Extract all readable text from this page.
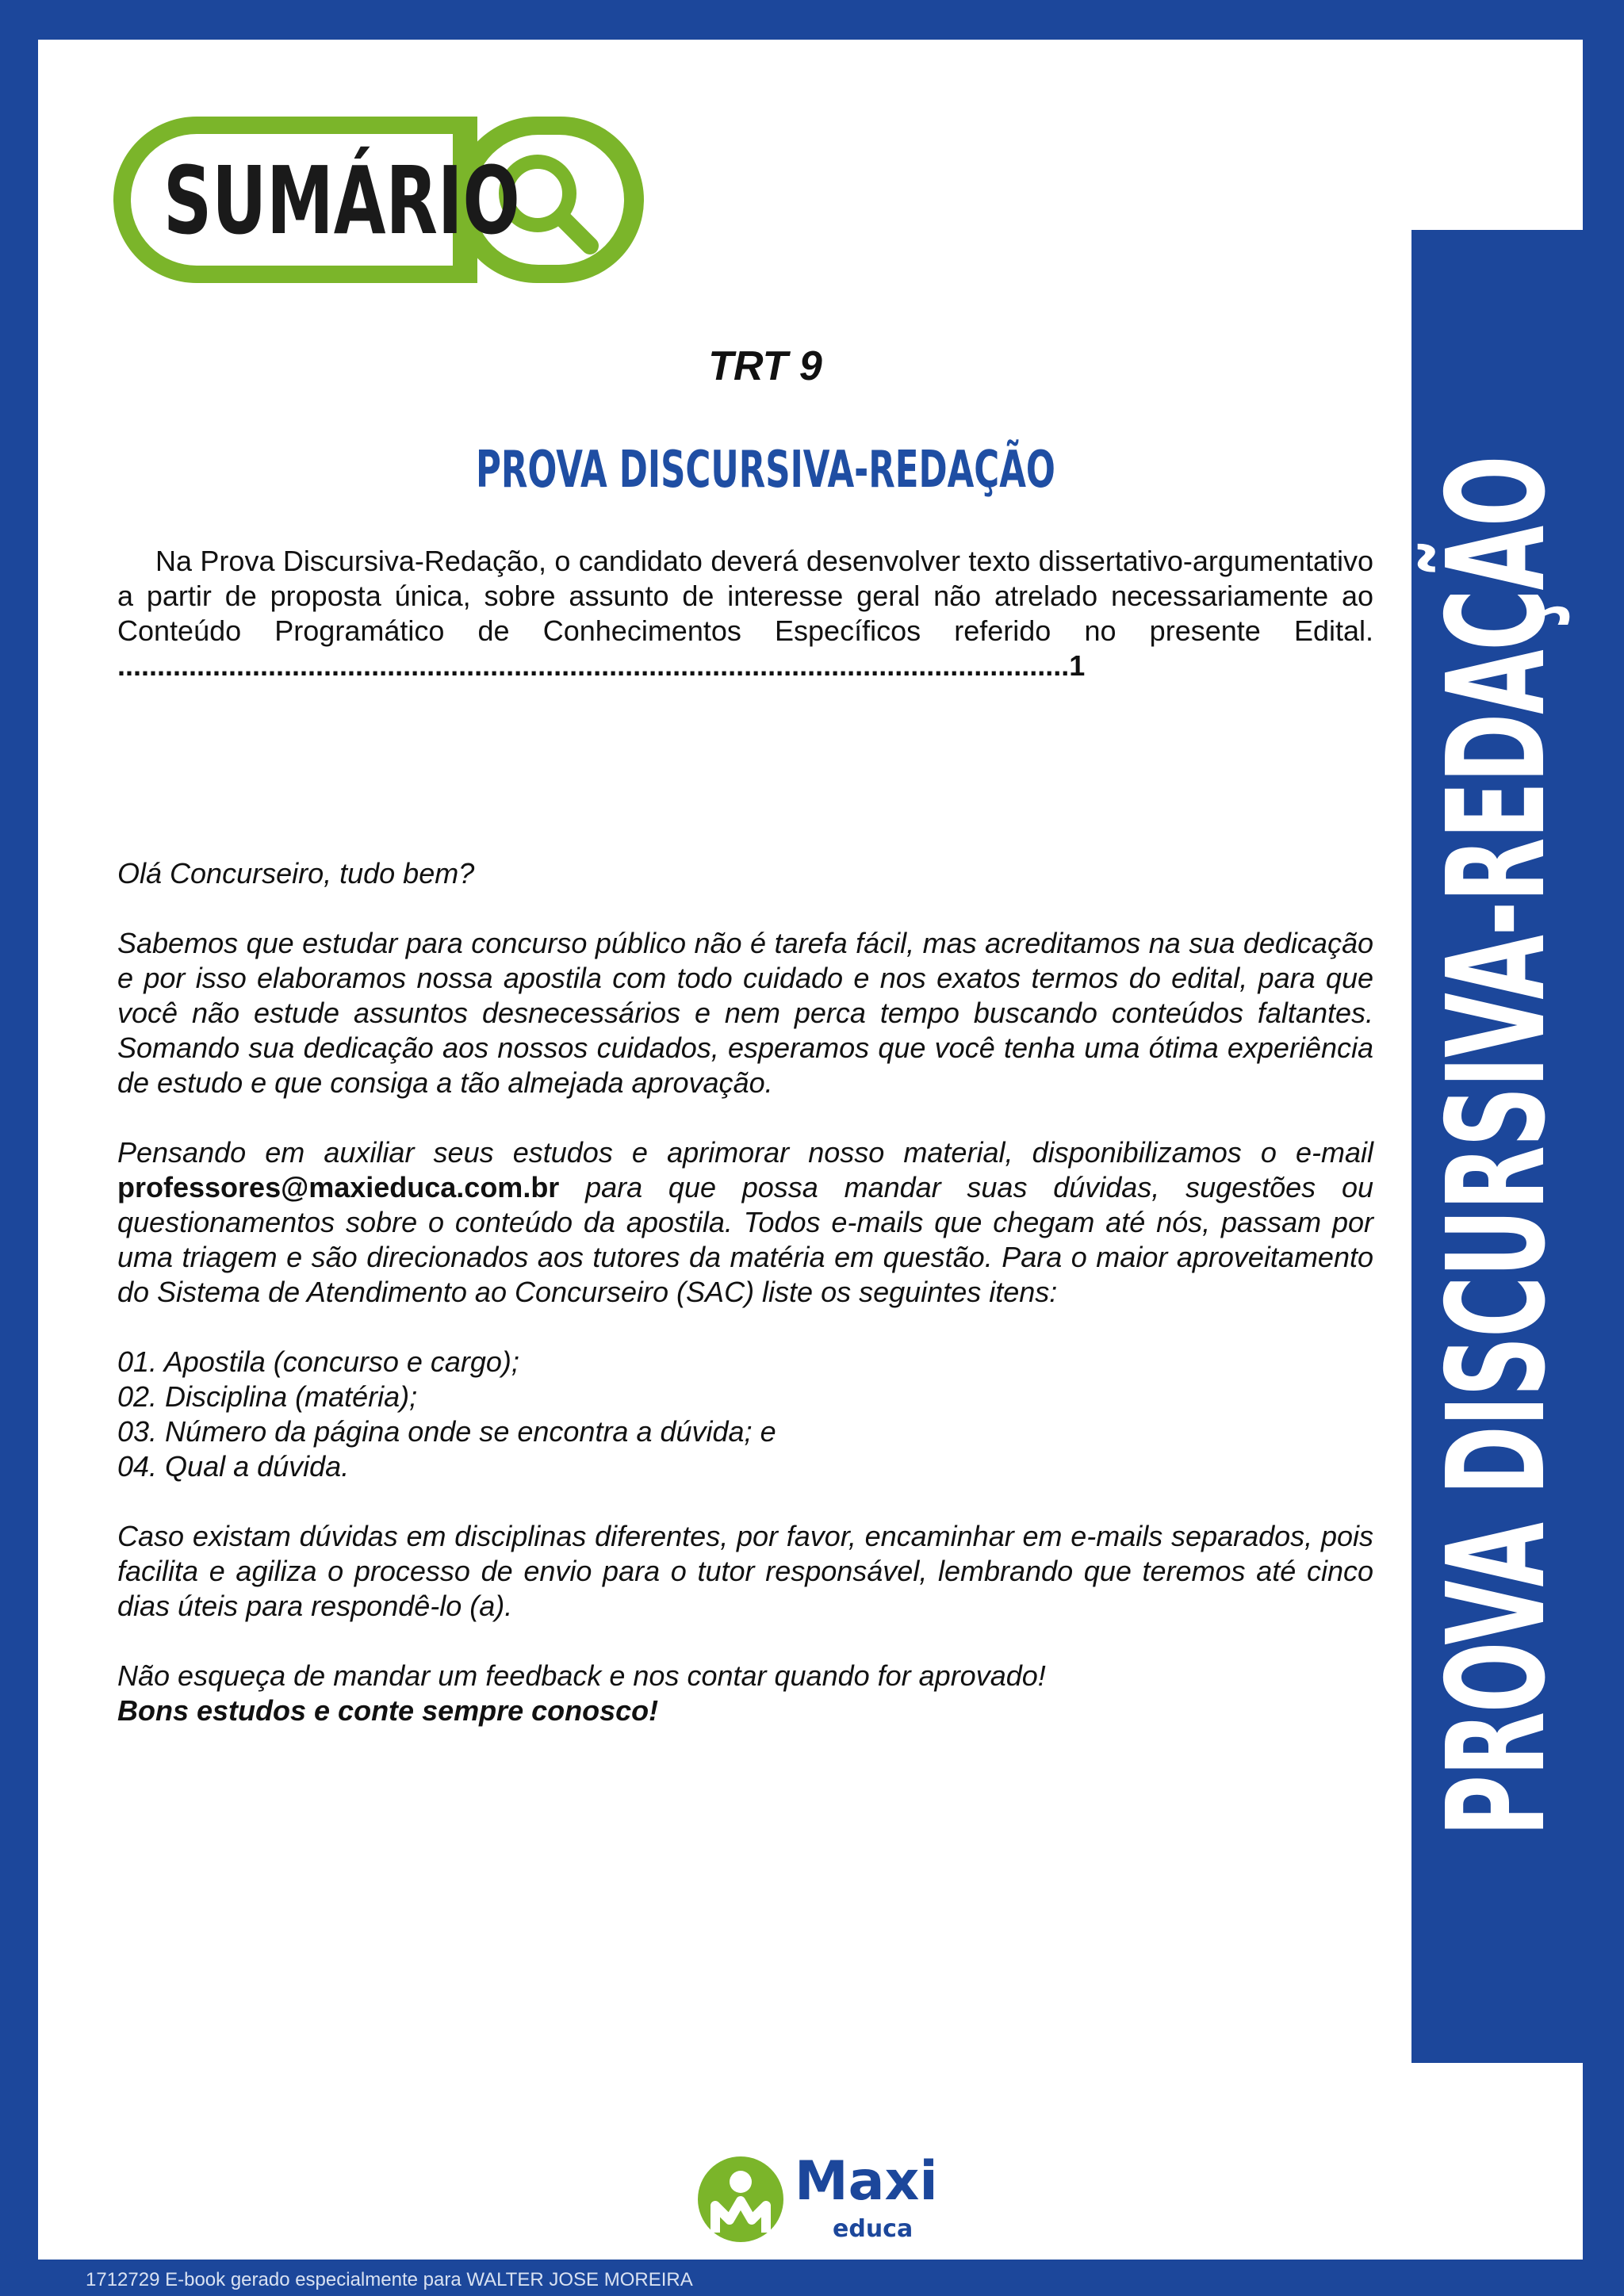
PROVA DISCURSIVA-REDAÇÃO
SUMÁRIO
TRT 9
PROVA DISCURSIVA-REDAÇÃO
Na Prova Discursiva-Redação, o candidato deverá desenvolver texto dissertativo-argumentativo a partir de proposta única, sobre assunto de interesse geral não atrelado necessariamente ao Conteúdo Programático de Conhecimentos Específicos referido no presente Edital. ........................................................................................................................1

Olá Concurseiro, tudo bem?

Sabemos que estudar para concurso público não é tarefa fácil, mas acreditamos na sua dedicação e por isso elaboramos nossa apostila com todo cuidado e nos exatos termos do edital, para que você não estude assuntos desnecessários e nem perca tempo buscando conteúdos faltantes. Somando sua dedicação aos nossos cuidados, esperamos que você tenha uma ótima experiência de estudo e que consiga a tão almejada aprovação.

Pensando em auxiliar seus estudos e aprimorar nosso material, disponibilizamos o e-mail professores@maxieduca.com.br para que possa mandar suas dúvidas, sugestões ou questionamentos sobre o conteúdo da apostila. Todos e-mails que chegam até nós, passam por uma triagem e são direcionados aos tutores da matéria em questão. Para o maior aproveitamento do Sistema de Atendimento ao Concurseiro (SAC) liste os seguintes itens:

01. Apostila (concurso e cargo);

02. Disciplina (matéria);

03. Número da página onde se encontra a dúvida; e

04. Qual a dúvida.

Caso existam dúvidas em disciplinas diferentes, por favor, encaminhar em e-mails separados, pois facilita e agiliza o processo de envio para o tutor responsável, lembrando que teremos até cinco dias úteis para respondê-lo (a).

Não esqueça de mandar um feedback e nos contar quando for aprovado!

Bons estudos e conte sempre conosco!

Maxi
educa
1712729 E-book gerado especialmente para WALTER JOSE MOREIRA
